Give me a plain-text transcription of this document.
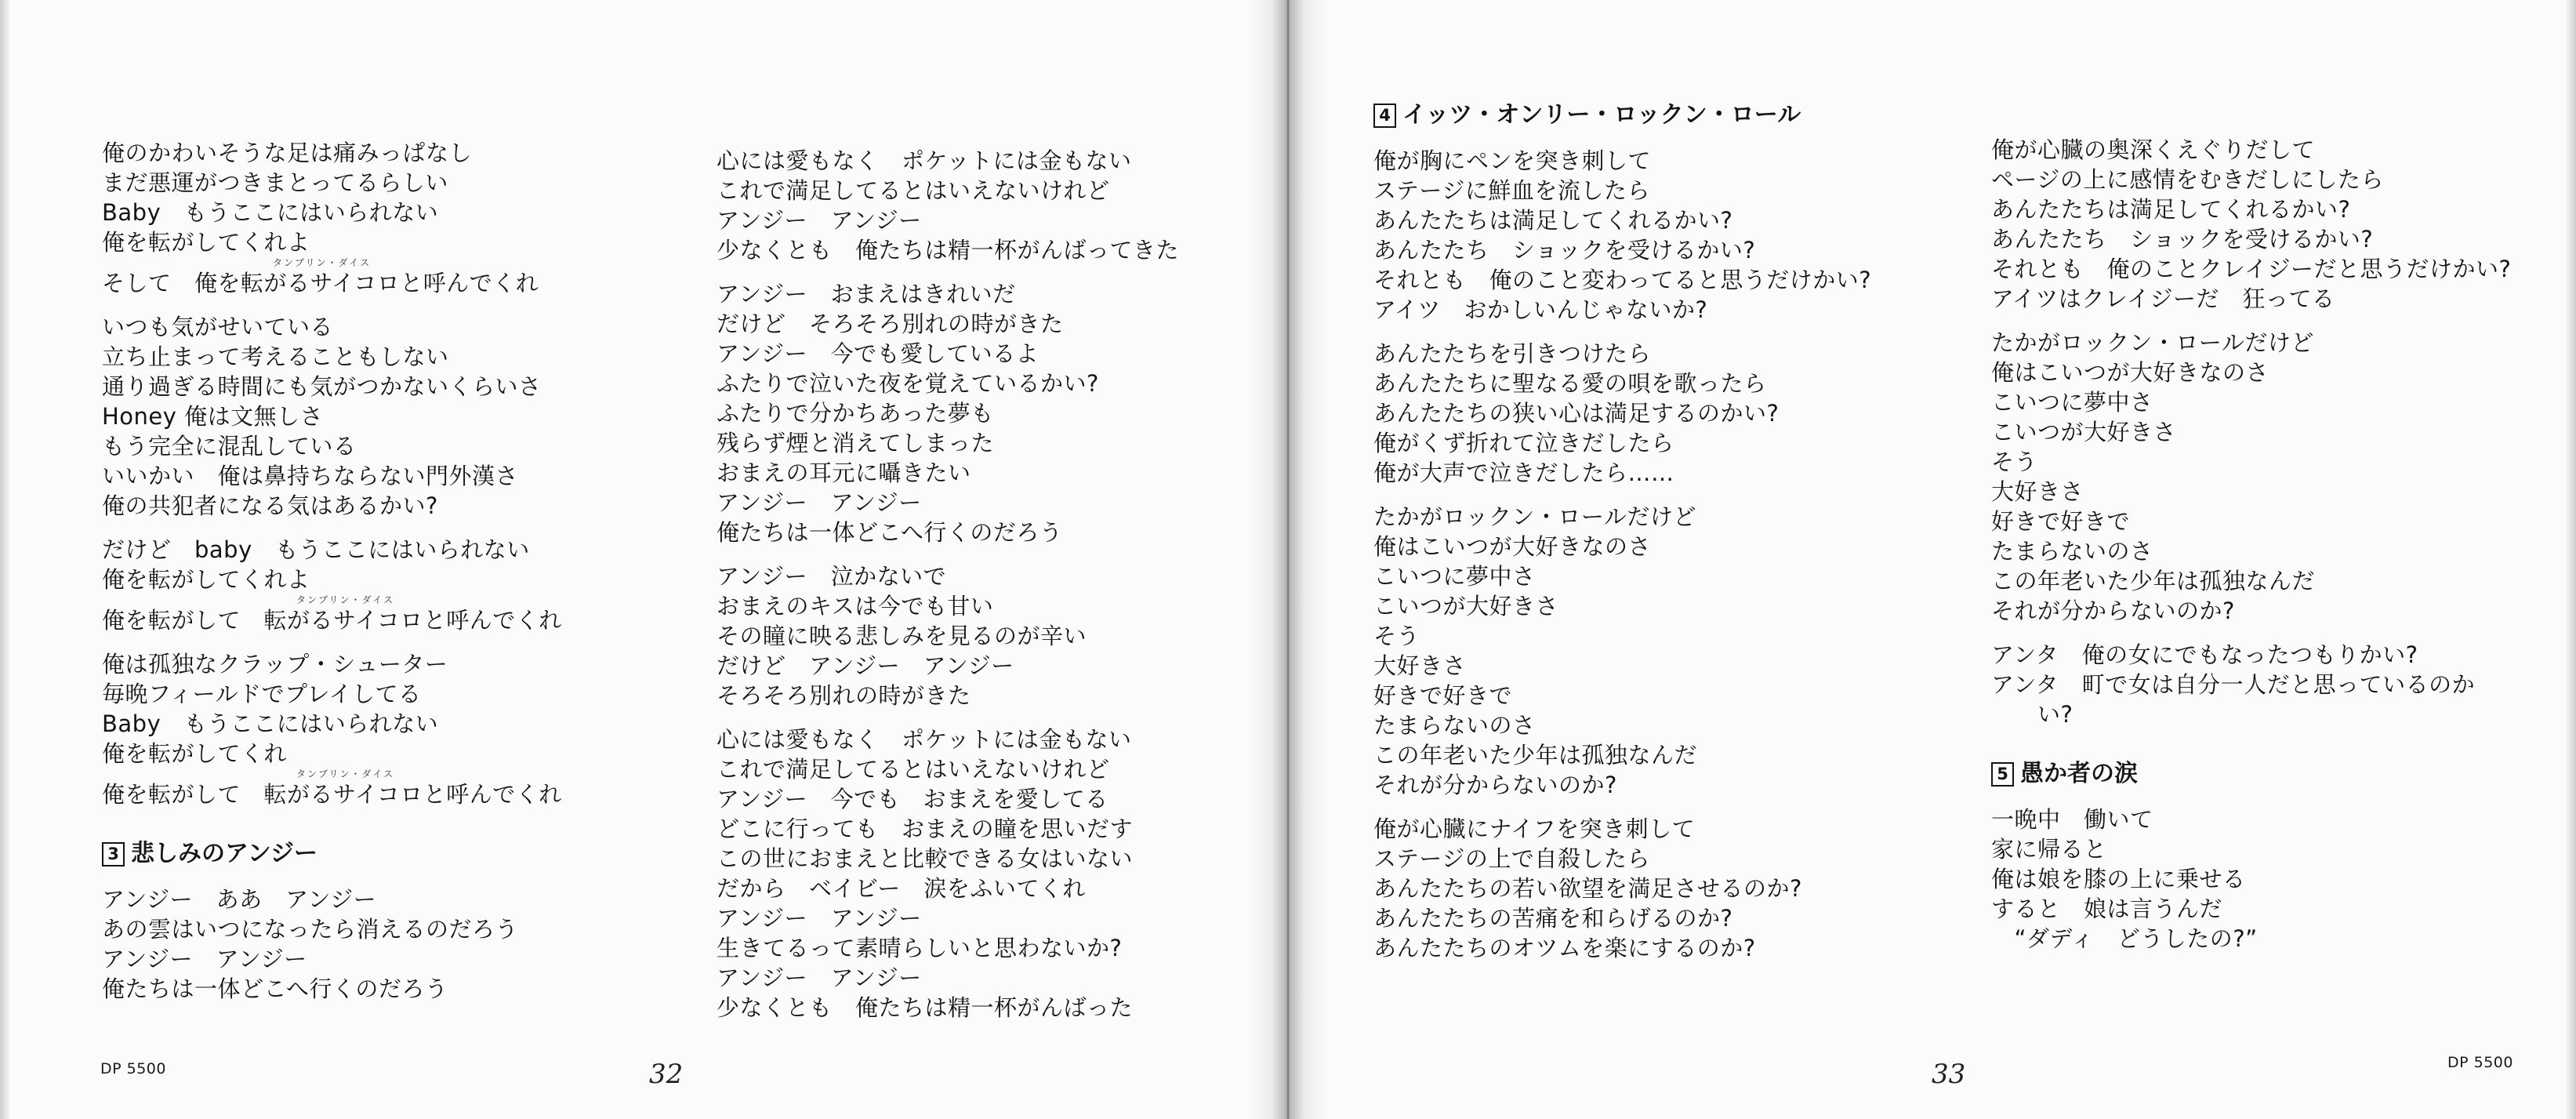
俺のかわいそうな足は痛みっぱなし
まだ悪運がつきまとってるらしい
Baby　もうここにはいられない
俺を転がしてくれよ
タンブリン・ダイス
そして　俺を転がるサイコロと呼んでくれ
いつも気がせいている
立ち止まって考えることもしない
通り過ぎる時間にも気がつかないくらいさ
Honey 俺は文無しさ
もう完全に混乱している
いいかい　俺は鼻持ちならない門外漢さ
俺の共犯者になる気はあるかい?
だけど　baby　もうここにはいられない
俺を転がしてくれよ
タンブリン・ダイス
俺を転がして　転がるサイコロと呼んでくれ
俺は孤独なクラップ・シューター
毎晩フィールドでプレイしてる
Baby　もうここにはいられない
俺を転がしてくれ
タンブリン・ダイス
俺を転がして　転がるサイコロと呼んでくれ
3 悲しみのアンジー
アンジー　ああ　アンジー
あの雲はいつになったら消えるのだろう
アンジー　アンジー
俺たちは一体どこへ行くのだろう
心には愛もなく　ポケットには金もない
これで満足してるとはいえないけれど
アンジー　アンジー
少なくとも　俺たちは精一杯がんばってきた
アンジー　おまえはきれいだ
だけど　そろそろ別れの時がきた
アンジー　今でも愛しているよ
ふたりで泣いた夜を覚えているかい?
ふたりで分かちあった夢も
残らず煙と消えてしまった
おまえの耳元に囁きたい
アンジー　アンジー
俺たちは一体どこへ行くのだろう
アンジー　泣かないで
おまえのキスは今でも甘い
その瞳に映る悲しみを見るのが辛い
だけど　アンジー　アンジー
そろそろ別れの時がきた
心には愛もなく　ポケットには金もない
これで満足してるとはいえないけれど
アンジー　今でも　おまえを愛してる
どこに行っても　おまえの瞳を思いだす
この世におまえと比較できる女はいない
だから　ベイビー　涙をふいてくれ
アンジー　アンジー
生きてるって素晴らしいと思わないか?
アンジー　アンジー
少なくとも　俺たちは精一杯がんばった
DP 5500	32
4 イッツ・オンリー・ロックン・ロール
俺が胸にペンを突き刺して
ステージに鮮血を流したら
あんたたちは満足してくれるかい?
あんたたち　ショックを受けるかい?
それとも　俺のこと変わってると思うだけかい?
アイツ　おかしいんじゃないか?
あんたたちを引きつけたら
あんたたちに聖なる愛の唄を歌ったら
あんたたちの狭い心は満足するのかい?
俺がくず折れて泣きだしたら
俺が大声で泣きだしたら……
たかがロックン・ロールだけど
俺はこいつが大好きなのさ
こいつに夢中さ
こいつが大好きさ
そう
大好きさ
好きで好きで
たまらないのさ
この年老いた少年は孤独なんだ
それが分からないのか?
俺が心臓にナイフを突き刺して
ステージの上で自殺したら
あんたたちの若い欲望を満足させるのか?
あんたたちの苦痛を和らげるのか?
あんたたちのオツムを楽にするのか?
俺が心臓の奥深くえぐりだして
ページの上に感情をむきだしにしたら
あんたたちは満足してくれるかい?
あんたたち　ショックを受けるかい?
それとも　俺のことクレイジーだと思うだけかい?
アイツはクレイジーだ　狂ってる
たかがロックン・ロールだけど
俺はこいつが大好きなのさ
こいつに夢中さ
こいつが大好きさ
そう
大好きさ
好きで好きで
たまらないのさ
この年老いた少年は孤独なんだ
それが分からないのか?
アンタ　俺の女にでもなったつもりかい?
アンタ　町で女は自分一人だと思っているのか
　　い?
5 愚か者の涙
一晩中　働いて
家に帰ると
俺は娘を膝の上に乗せる
すると　娘は言うんだ
　“ダディ　どうしたの?”
33	DP 5500
